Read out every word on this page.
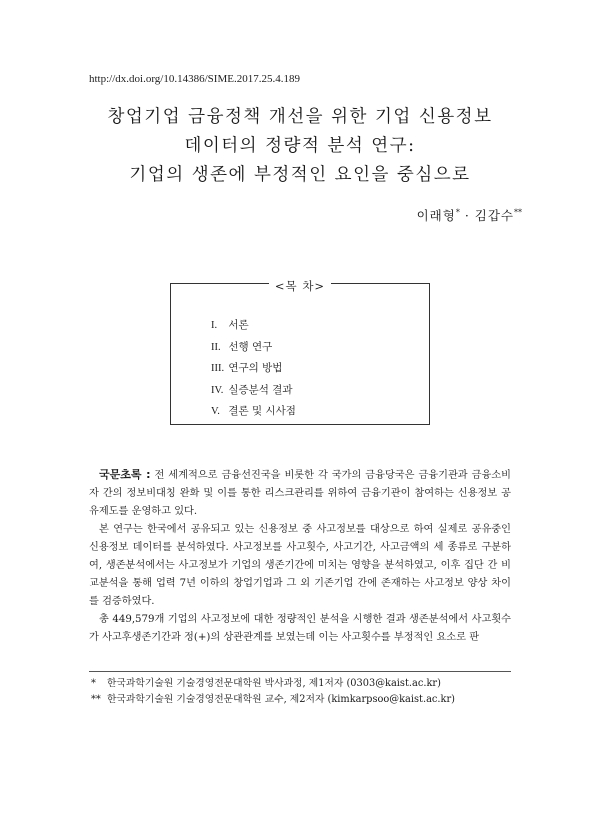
http://dx.doi.org/10.14386/SIME.2017.25.4.189
창업기업 금융정책 개선을 위한 기업 신용정보
데이터의 정량적 분석 연구:
기업의 생존에 부정적인 요인을 중심으로
이래형* · 김갑수**
<목 차>
I. 서론
II. 선행 연구
III. 연구의 방법
IV. 실증분석 결과
V. 결론 및 시사점

국문초록 : 전 세계적으로 금융선진국을 비롯한 각 국가의 금융당국은 금융기관과 금융소비자 간의 정보비대칭 완화 및 이를 통한 리스크관리를 위하여 금융기관이 참여하는 신용정보 공유제도를 운영하고 있다.

본 연구는 한국에서 공유되고 있는 신용정보 중 사고정보를 대상으로 하여 실제로 공유중인 신용정보 데이터를 분석하였다. 사고정보를 사고횟수, 사고기간, 사고금액의 세 종류로 구분하여, 생존분석에서는 사고정보가 기업의 생존기간에 미치는 영향을 분석하였고, 이후 집단 간 비교분석을 통해 업력 7년 이하의 창업기업과 그 외 기존기업 간에 존재하는 사고정보 양상 차이를 검증하였다.

총 449,579개 기업의 사고정보에 대한 정량적인 분석을 시행한 결과 생존분석에서 사고횟수가 사고후생존기간과 정(+)의 상관관계를 보였는데 이는 사고횟수를 부정적인 요소로 판

* 한국과학기술원 기술경영전문대학원 박사과정, 제1저자 (0303@kaist.ac.kr)
** 한국과학기술원 기술경영전문대학원 교수, 제2저자 (kimkarpsoo@kaist.ac.kr)
